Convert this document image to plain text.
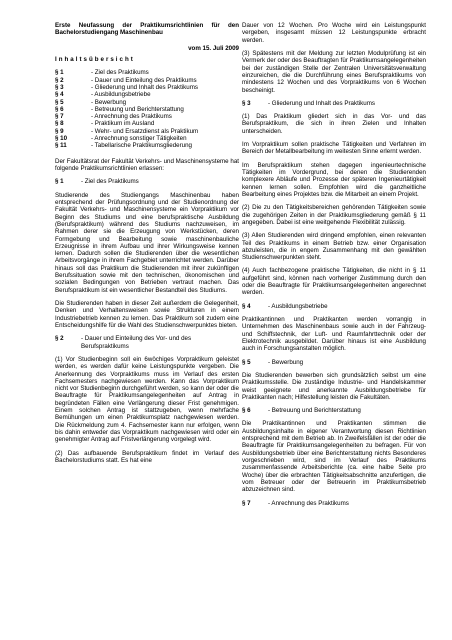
Erste Neufassung der Praktikumsrichtlinien für den Bachelorstudiengang Maschinenbau

vom 15. Juli 2009

Inhaltsübersicht
§ 1	- Ziel des Praktikums
§ 2	- Dauer und Einteilung des Praktikums
§ 3	- Gliederung und Inhalt des Praktikums
§ 4	- Ausbildungsbetriebe
§ 5	- Bewerbung
§ 6	- Betreuung und Berichterstattung
§ 7	- Anrechnung des Praktikums
§ 8	- Praktikum im Ausland
§ 9	- Wehr- und Ersatzdienst als Praktikum
§ 10	- Anrechnung sonstiger Tätigkeiten
§ 11	- Tabellarische Praktikumsgliederung

Der Fakultätsrat der Fakultät Verkehrs- und Maschinensysteme hat folgende Praktikumsrichtlinien erlassen:

§ 1	- Ziel des Praktikums

Studierende des Studiengangs Maschinenbau haben entsprechend der Prüfungsordnung und der Studienordnung der Fakultät Verkehrs- und Maschinensysteme ein Vorpraktikum vor Beginn des Studiums und eine berufspraktische Ausbildung (Berufspraktikum) während des Studiums nachzuweisen, im Rahmen derer sie die Erzeugung von Werkstücken, deren Formgebung und Bearbeitung sowie maschinenbauliche Erzeugnisse in ihrem Aufbau und ihrer Wirkungsweise kennen lernen. Dadurch sollen die Studierenden über die wesentlichen Arbeitsvorgänge in ihrem Fachgebiet unterrichtet werden. Darüber hinaus soll das Praktikum die Studierenden mit ihrer zukünftigen Berufssituation sowie mit den technischen, ökonomischen und sozialen Bedingungen von Betrieben vertraut machen. Das Berufspraktikum ist ein wesentlicher Bestandteil des Studiums.

Die Studierenden haben in dieser Zeit außerdem die Gelegenheit, Denken und Verhaltensweisen sowie Strukturen in einem Industriebetrieb kennen zu lernen. Das Praktikum soll zudem eine Entscheidungshilfe für die Wahl des Studienschwerpunktes bieten.

§ 2	- Dauer und Einteilung des Vor- und des Berufspraktikums

(1) Vor Studienbeginn soll ein 6wöchiges Vorpraktikum geleistet werden, es werden dafür keine Leistungspunkte vergeben. Die Anerkennung des Vorpraktikums muss im Verlauf des ersten Fachsemesters nachgewiesen werden. Kann das Vorpraktikum nicht vor Studienbeginn durchgeführt werden, so kann der oder die Beauftragte für Praktikumsangelegenheiten auf Antrag in begründeten Fällen eine Verlängerung dieser Frist genehmigen. Einem solchen Antrag ist stattzugeben, wenn mehrfache Bemühungen um einen Praktikumsplatz nachgewiesen werden. Die Rückmeldung zum 4. Fachsemester kann nur erfolgen, wenn bis dahin entweder das Vorpraktikum nachgewiesen wird oder ein genehmigter Antrag auf Fristverlängerung vorgelegt wird.

(2) Das aufbauende Berufspraktikum findet im Verlauf des Bachelorstudiums statt. Es hat eine

Dauer von 12 Wochen. Pro Woche wird ein Leistungspunkt vergeben, insgesamt müssen 12 Leistungspunkte erbracht werden.

(3) Spätestens mit der Meldung zur letzten Modulprüfung ist ein Vermerk der oder des Beauftragten für Praktikumsangelegenheiten bei der zuständigen Stelle der Zentralen Universitätsverwaltung einzureichen, die die Durchführung eines Berufspraktikums von mindestens 12 Wochen und des Vorpraktikums von 6 Wochen bescheinigt.

§ 3	- Gliederung und Inhalt des Praktikums

(1) Das Praktikum gliedert sich in das Vor- und das Berufspraktikum, die sich in ihren Zielen und Inhalten unterscheiden.

Im Vorpraktikum sollen praktische Tätigkeiten und Verfahren im Bereich der Metallbearbeitung im weitesten Sinne erlernt werden.

Im Berufspraktikum stehen dagegen ingenieurtechnische Tätigkeiten im Vordergrund, bei denen die Studierenden komplexere Abläufe und Prozesse der späteren Ingenieurtätigkeit kennen lernen sollen. Empfohlen wird die ganzheitliche Bearbeitung eines Projektes bzw. die Mitarbeit an einem Projekt.

(2) Die zu den Tätigkeitsbereichen gehörenden Tätigkeiten sowie die zugehörigen Zeiten in der Praktikumsgliederung gemäß § 11 angegeben. Dabei ist eine weitgehende Flexibilität zulässig.

(3) Allen Studierenden wird dringend empfohlen, einen relevanten Teil des Praktikums in einem Betrieb bzw. einer Organisation abzuleisten, die in engem Zusammenhang mit den gewählten Studienschwerpunkten steht.

(4) Auch fachbezogene praktische Tätigkeiten, die nicht in § 11 aufgeführt sind, können nach vorheriger Zustimmung durch den oder die Beauftragte für Praktikumsangelegenheiten angerechnet werden.

§ 4	- Ausbildungsbetriebe

Praktikantinnen und Praktikanten werden vorrangig in Unternehmen des Maschinenbaus sowie auch in der Fahrzeug- und Schiffstechnik, der Luft- und Raumfahrttechnik oder der Elektrotechnik ausgebildet. Darüber hinaus ist eine Ausbildung auch in Forschungsanstalten möglich.

§ 5	- Bewerbung

Die Studierenden bewerben sich grundsätzlich selbst um eine Praktikumsstelle. Die zuständige Industrie- und Handelskammer weist geeignete und anerkannte Ausbildungsbetriebe für Praktikanten nach; Hilfestellung leisten die Fakultäten.

§ 6	- Betreuung und Berichterstattung

Die Praktikantinnen und Praktikanten stimmen die Ausbildungsinhalte in eigener Verantwortung diesen Richtlinien entsprechend mit dem Betrieb ab. In Zweifelsfällen ist der oder die Beauftragte für Praktikumsangelegenheiten zu befragen. Für von Ausbildungsbetrieb über eine Berichterstattung nichts Besonderes vorgeschrieben wird, sind im Verlauf des Praktikums zusammenfassende Arbeitsberichte (ca. eine halbe Seite pro Woche) über die erbrachten Tätigkeitsabschnitte anzufertigen, die vom Betreuer oder der Betreuerin im Praktikumsbetrieb abzuzeichnen sind.

§ 7	- Anrechnung des Praktikums
